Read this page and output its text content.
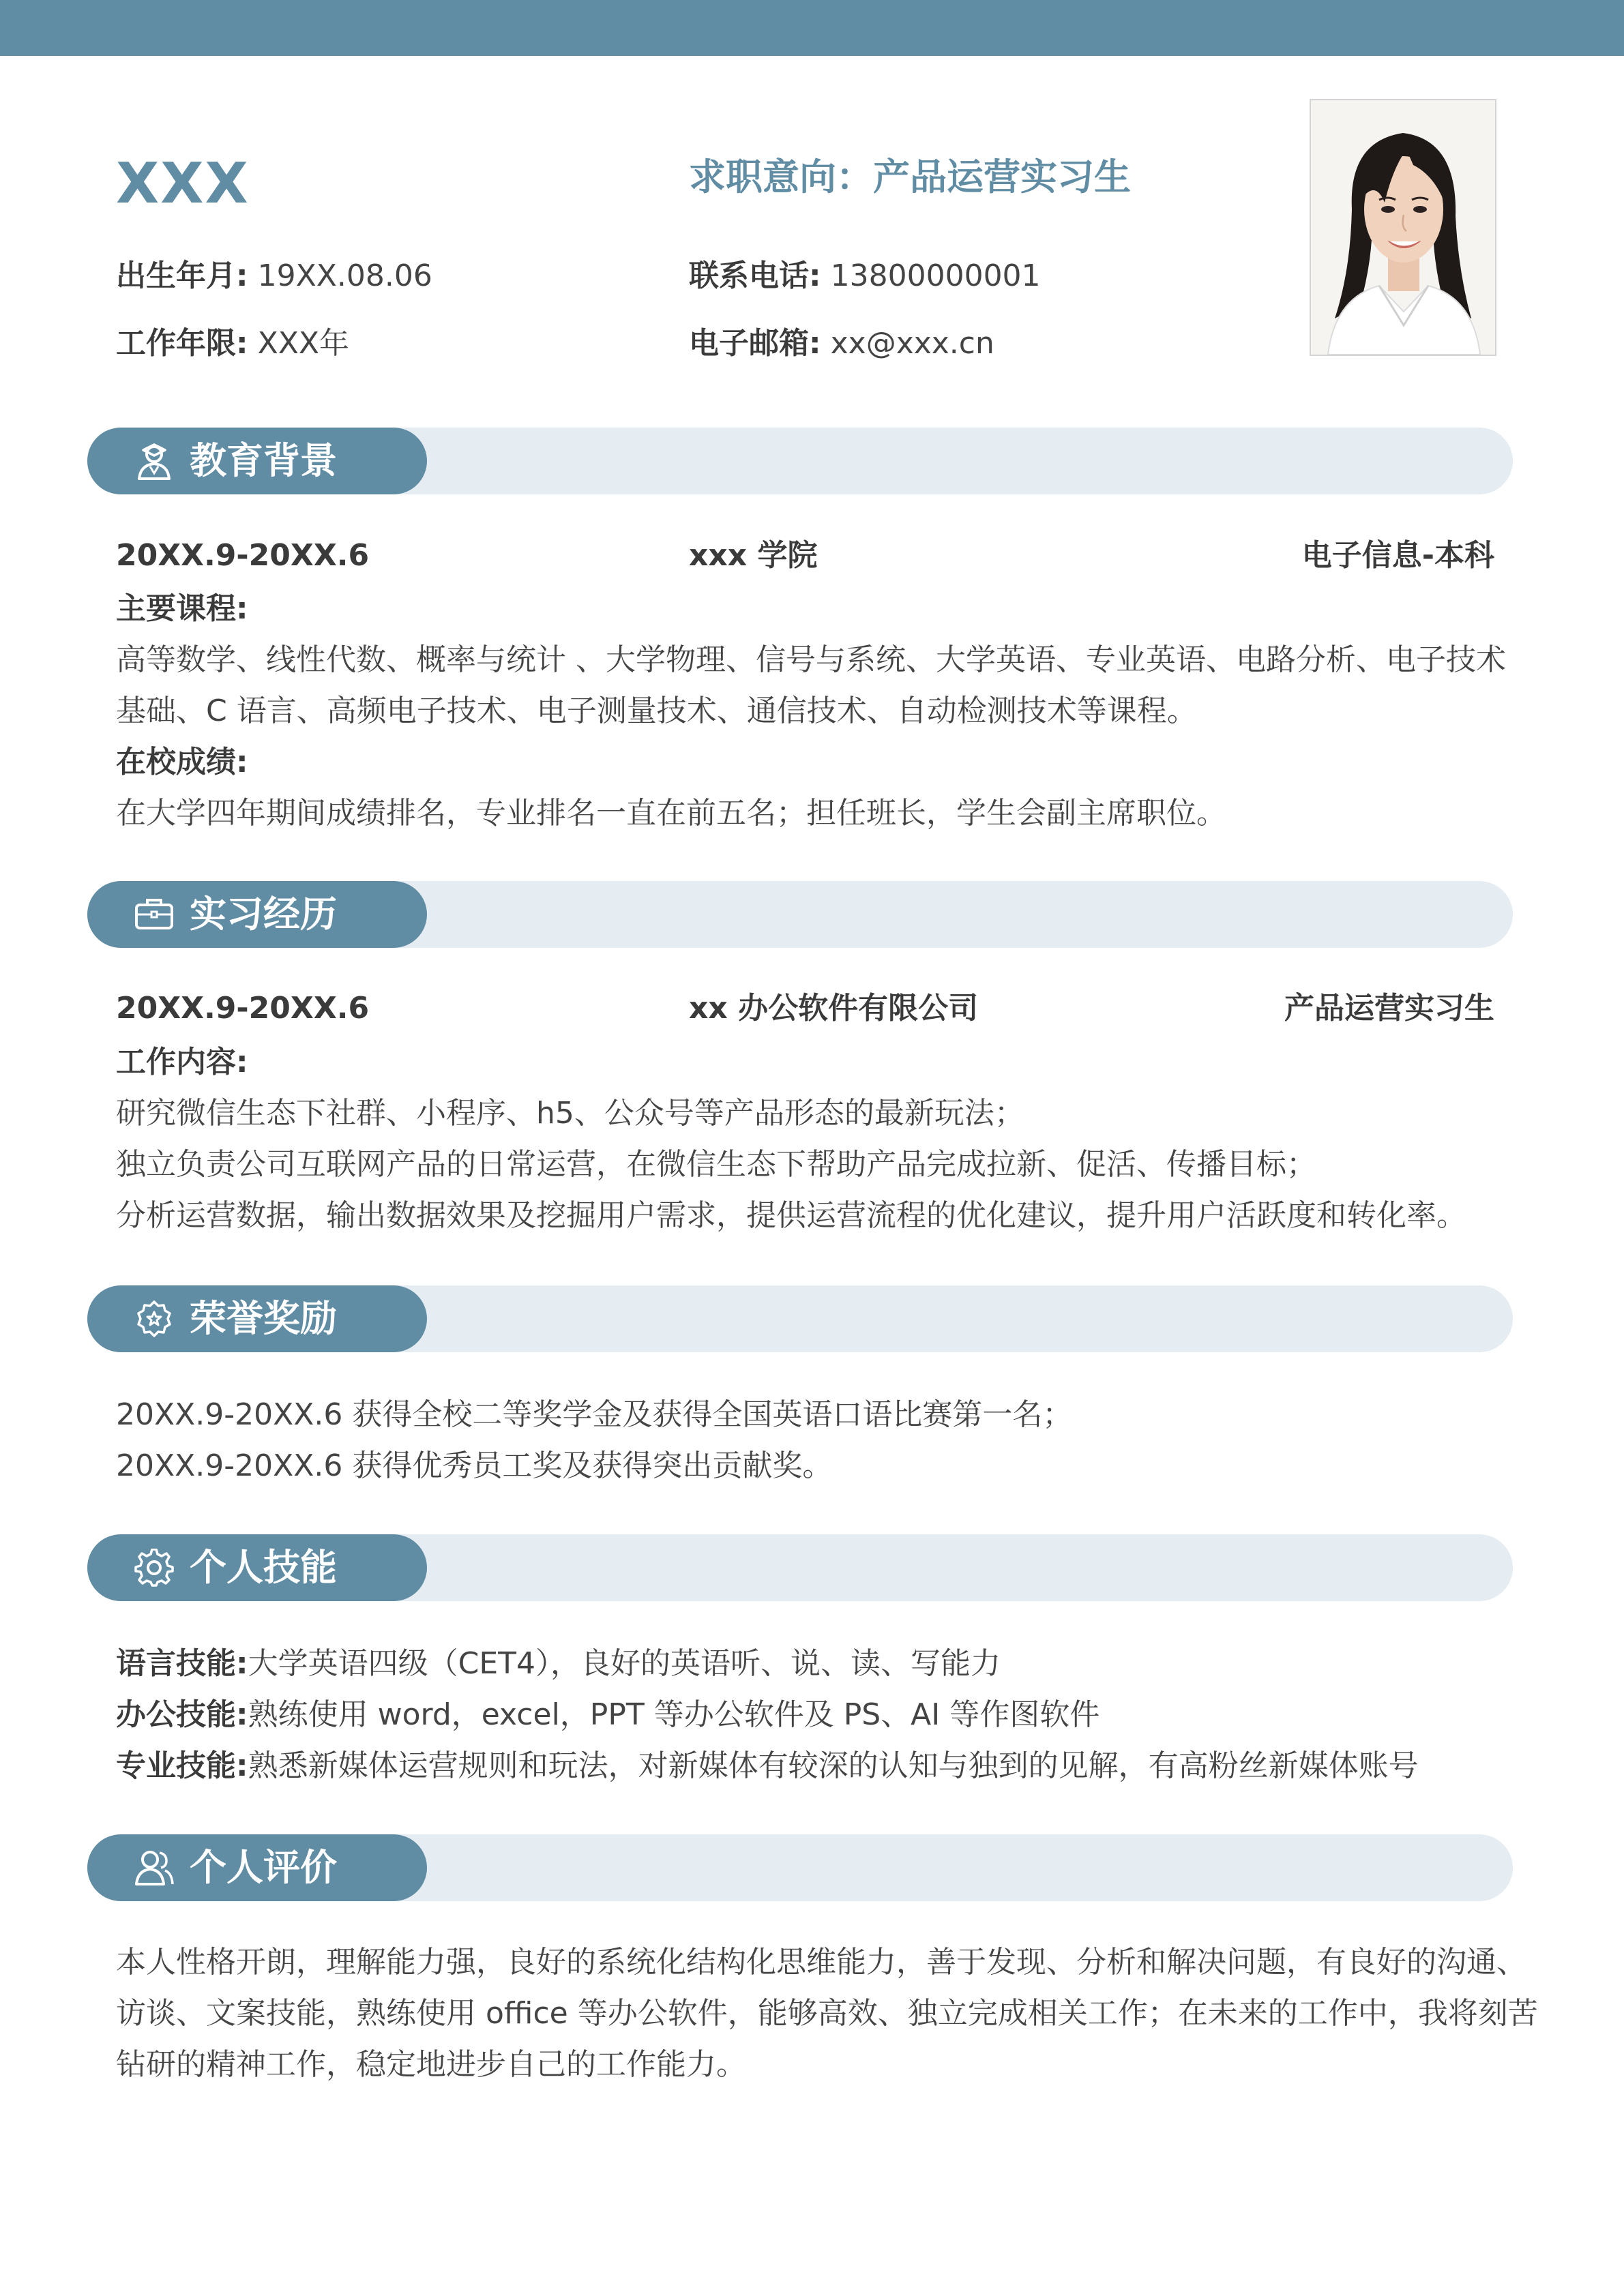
XXX	求职意向：产品运营实习生
出生年月: 19XX.08.06	联系电话: 13800000001
工作年限: XXX年	电子邮箱: xx@xxx.cn
教育背景
20XX.9-20XX.6	xxx 学院	电子信息-本科
主要课程:
高等数学、线性代数、概率与统计 、大学物理、信号与系统、大学英语、专业英语、电路分析、电子技术
基础、C 语言、高频电子技术、电子测量技术、通信技术、自动检测技术等课程。
在校成绩:
在大学四年期间成绩排名，专业排名一直在前五名；担任班长，学生会副主席职位。
实习经历
20XX.9-20XX.6	xx 办公软件有限公司	产品运营实习生
工作内容:
研究微信生态下社群、小程序、h5、公众号等产品形态的最新玩法；
独立负责公司互联网产品的日常运营，在微信生态下帮助产品完成拉新、促活、传播目标；
分析运营数据，输出数据效果及挖掘用户需求，提供运营流程的优化建议，提升用户活跃度和转化率。
荣誉奖励
20XX.9-20XX.6 获得全校二等奖学金及获得全国英语口语比赛第一名；
20XX.9-20XX.6 获得优秀员工奖及获得突出贡献奖。
个人技能
语言技能:大学英语四级（CET4），良好的英语听、说、读、写能力
办公技能:熟练使用 word，excel，PPT 等办公软件及 PS、AI 等作图软件
专业技能:熟悉新媒体运营规则和玩法，对新媒体有较深的认知与独到的见解，有高粉丝新媒体账号
个人评价
本人性格开朗，理解能力强，良好的系统化结构化思维能力，善于发现、分析和解决问题，有良好的沟通、
访谈、文案技能，熟练使用 office 等办公软件，能够高效、独立完成相关工作；在未来的工作中，我将刻苦
钻研的精神工作，稳定地进步自己的工作能力。
